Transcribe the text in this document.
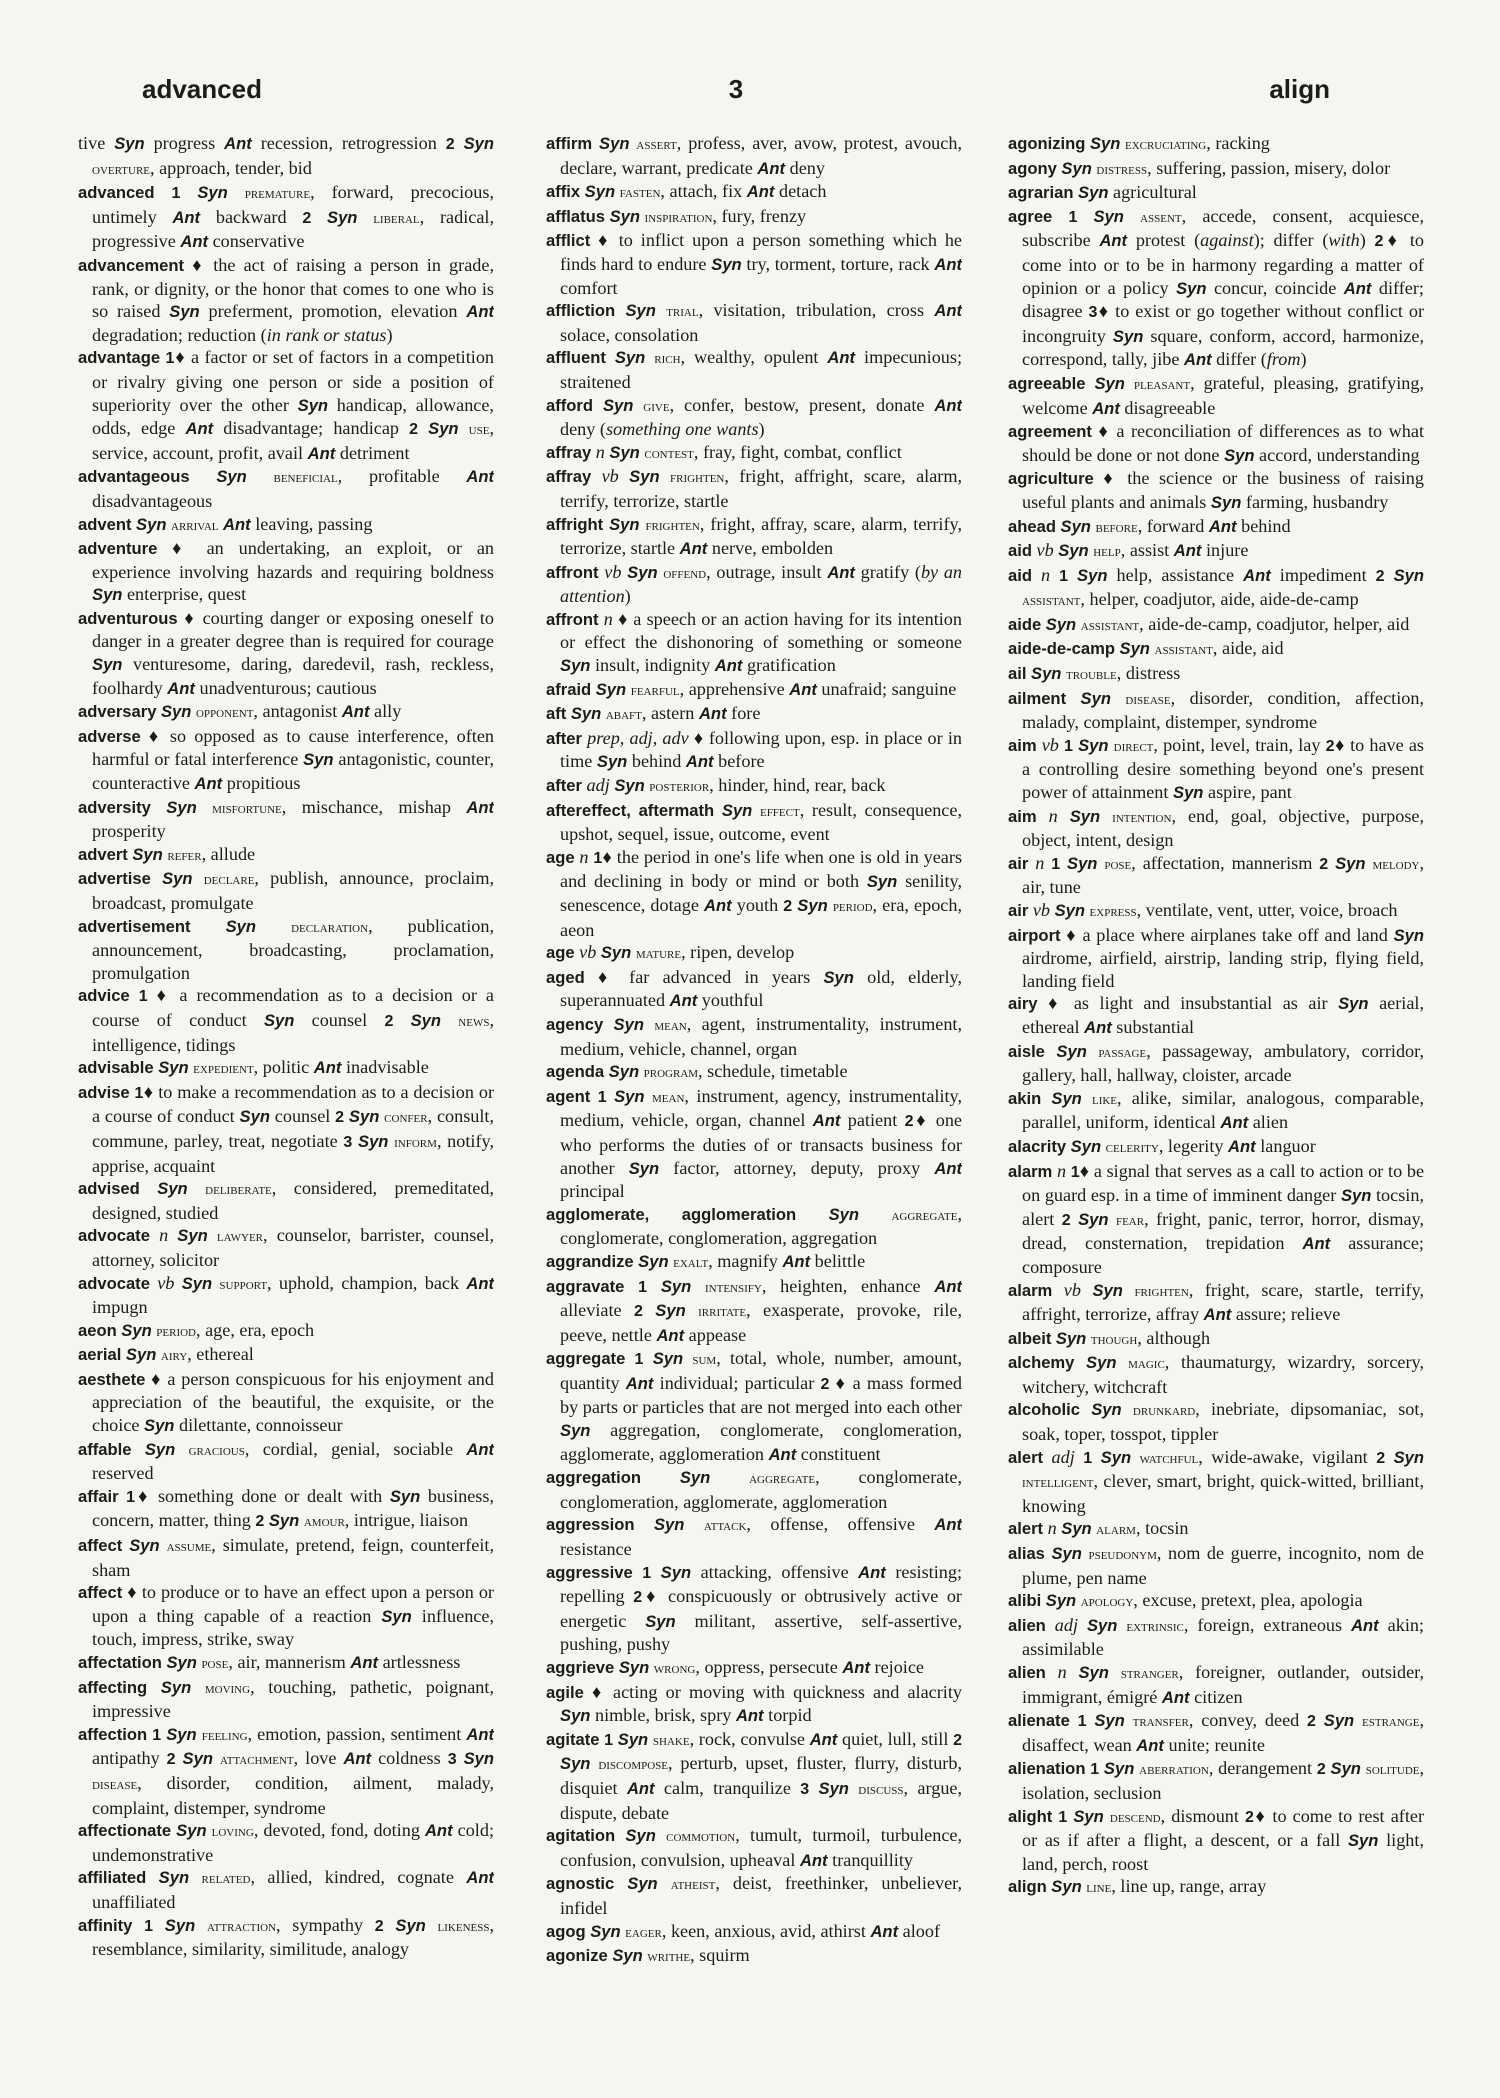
advanced	3	align

tive Syn progress Ant recession, retrogression 2 Syn overture, approach, tender, bid

advanced 1 Syn premature, forward, precocious, untimely Ant backward 2 Syn liberal, radical, progressive Ant conservative

advancement ♦ the act of raising a person in grade, rank, or dignity, or the honor that comes to one who is so raised Syn preferment, promotion, elevation Ant degradation; reduction (in rank or status)

advantage 1♦ a factor or set of factors in a competition or rivalry giving one person or side a position of superiority over the other Syn handicap, allowance, odds, edge Ant disadvantage; handicap 2 Syn use, service, account, profit, avail Ant detriment

advantageous Syn beneficial, profitable Ant disadvantageous

advent Syn arrival Ant leaving, passing

adventure ♦ an undertaking, an exploit, or an experience involving hazards and requiring boldness Syn enterprise, quest

adventurous ♦ courting danger or exposing oneself to danger in a greater degree than is required for courage Syn venturesome, daring, daredevil, rash, reckless, foolhardy Ant unadventurous; cautious

adversary Syn opponent, antagonist Ant ally

adverse ♦ so opposed as to cause interference, often harmful or fatal interference Syn antagonistic, counter, counteractive Ant propitious

adversity Syn misfortune, mischance, mishap Ant prosperity

advert Syn refer, allude

advertise Syn declare, publish, announce, proclaim, broadcast, promulgate

advertisement Syn declaration, publication, announcement, broadcasting, proclamation, promulgation

advice 1 ♦ a recommendation as to a decision or a course of conduct Syn counsel 2 Syn news, intelligence, tidings

advisable Syn expedient, politic Ant inadvisable

advise 1♦ to make a recommendation as to a decision or a course of conduct Syn counsel 2 Syn confer, consult, commune, parley, treat, negotiate 3 Syn inform, notify, apprise, acquaint

advised Syn deliberate, considered, premeditated, designed, studied

advocate n Syn lawyer, counselor, barrister, counsel, attorney, solicitor

advocate vb Syn support, uphold, champion, back Ant impugn

aeon Syn period, age, era, epoch

aerial Syn airy, ethereal

aesthete ♦ a person conspicuous for his enjoyment and appreciation of the beautiful, the exquisite, or the choice Syn dilettante, connoisseur

affable Syn gracious, cordial, genial, sociable Ant reserved

affair 1♦ something done or dealt with Syn business, concern, matter, thing 2 Syn amour, intrigue, liaison

affect Syn assume, simulate, pretend, feign, counterfeit, sham

affect ♦ to produce or to have an effect upon a person or upon a thing capable of a reaction Syn influence, touch, impress, strike, sway

affectation Syn pose, air, mannerism Ant artlessness

affecting Syn moving, touching, pathetic, poignant, impressive

affection 1 Syn feeling, emotion, passion, sentiment Ant antipathy 2 Syn attachment, love Ant coldness 3 Syn disease, disorder, condition, ailment, malady, complaint, distemper, syndrome

affectionate Syn loving, devoted, fond, doting Ant cold; undemonstrative

affiliated Syn related, allied, kindred, cognate Ant unaffiliated

affinity 1 Syn attraction, sympathy 2 Syn likeness, resemblance, similarity, similitude, analogy

affirm Syn assert, profess, aver, avow, protest, avouch, declare, warrant, predicate Ant deny

affix Syn fasten, attach, fix Ant detach

afflatus Syn inspiration, fury, frenzy

afflict ♦ to inflict upon a person something which he finds hard to endure Syn try, torment, torture, rack Ant comfort

affliction Syn trial, visitation, tribulation, cross Ant solace, consolation

affluent Syn rich, wealthy, opulent Ant impecunious; straitened

afford Syn give, confer, bestow, present, donate Ant deny (something one wants)

affray n Syn contest, fray, fight, combat, conflict

affray vb Syn frighten, fright, affright, scare, alarm, terrify, terrorize, startle

affright Syn frighten, fright, affray, scare, alarm, terrify, terrorize, startle Ant nerve, embolden

affront vb Syn offend, outrage, insult Ant gratify (by an attention)

affront n ♦ a speech or an action having for its intention or effect the dishonoring of something or someone Syn insult, indignity Ant gratification

afraid Syn fearful, apprehensive Ant unafraid; sanguine

aft Syn abaft, astern Ant fore

after prep, adj, adv ♦ following upon, esp. in place or in time Syn behind Ant before

after adj Syn posterior, hinder, hind, rear, back

aftereffect, aftermath Syn effect, result, consequence, upshot, sequel, issue, outcome, event

age n 1♦ the period in one's life when one is old in years and declining in body or mind or both Syn senility, senescence, dotage Ant youth 2 Syn period, era, epoch, aeon

age vb Syn mature, ripen, develop

aged ♦ far advanced in years Syn old, elderly, superannuated Ant youthful

agency Syn mean, agent, instrumentality, instrument, medium, vehicle, channel, organ

agenda Syn program, schedule, timetable

agent 1 Syn mean, instrument, agency, instrumentality, medium, vehicle, organ, channel Ant patient 2♦ one who performs the duties of or transacts business for another Syn factor, attorney, deputy, proxy Ant principal

agglomerate, agglomeration Syn aggregate, conglomerate, conglomeration, aggregation

aggrandize Syn exalt, magnify Ant belittle

aggravate 1 Syn intensify, heighten, enhance Ant alleviate 2 Syn irritate, exasperate, provoke, rile, peeve, nettle Ant appease

aggregate 1 Syn sum, total, whole, number, amount, quantity Ant individual; particular 2 ♦ a mass formed by parts or particles that are not merged into each other Syn aggregation, conglomerate, conglomeration, agglomerate, agglomeration Ant constituent

aggregation Syn	aggregate, conglomerate, conglomeration, agglomerate, agglomeration

aggression Syn attack, offense, offensive Ant resistance

aggressive 1 Syn attacking, offensive Ant resisting; repelling 2♦ conspicuously or obtrusively active or energetic Syn militant, assertive, self-assertive, pushing, pushy

aggrieve Syn wrong, oppress, persecute Ant rejoice

agile ♦ acting or moving with quickness and alacrity Syn nimble, brisk, spry Ant torpid

agitate 1 Syn shake, rock, convulse Ant quiet, lull, still 2 Syn discompose, perturb, upset, fluster, flurry, disturb, disquiet Ant calm, tranquilize 3 Syn discuss, argue, dispute, debate

agitation Syn commotion, tumult, turmoil, turbulence, confusion, convulsion, upheaval Ant tranquillity

agnostic Syn atheist, deist, freethinker, unbeliever, infidel

agog Syn eager, keen, anxious, avid, athirst Ant aloof

agonize Syn writhe, squirm

agonizing Syn excruciating, racking

agony Syn distress, suffering, passion, misery, dolor

agrarian Syn agricultural

agree 1 Syn assent, accede, consent, acquiesce, subscribe Ant protest (against); differ (with) 2♦ to come into or to be in harmony regarding a matter of opinion or a policy Syn concur, coincide Ant differ; disagree 3♦ to exist or go together without conflict or incongruity Syn square, conform, accord, harmonize, correspond, tally, jibe Ant differ (from)

agreeable Syn pleasant, grateful, pleasing, gratifying, welcome Ant disagreeable

agreement ♦ a reconciliation of differences as to what should be done or not done Syn accord, understanding

agriculture ♦ the science or the business of raising useful plants and animals Syn farming, husbandry

ahead Syn before, forward Ant behind

aid vb Syn help, assist Ant injure

aid n 1 Syn help, assistance Ant impediment 2 Syn assistant, helper, coadjutor, aide, aide-de-camp

aide Syn assistant, aide-de-camp, coadjutor, helper, aid

aide-de-camp Syn assistant, aide, aid

ail Syn trouble, distress

ailment Syn disease, disorder, condition, affection, malady, complaint, distemper, syndrome

aim vb 1 Syn direct, point, level, train, lay 2♦ to have as a controlling desire something beyond one's present power of attainment Syn aspire, pant

aim n Syn intention, end, goal, objective, purpose, object, intent, design

air n 1 Syn pose, affectation, mannerism 2 Syn melody, air, tune

air vb Syn express, ventilate, vent, utter, voice, broach

airport ♦ a place where airplanes take off and land Syn airdrome, airfield, airstrip, landing strip, flying field, landing field

airy ♦ as light and insubstantial as air Syn aerial, ethereal Ant substantial

aisle Syn passage, passageway, ambulatory, corridor, gallery, hall, hallway, cloister, arcade

akin Syn like, alike, similar, analogous, comparable, parallel, uniform, identical Ant alien

alacrity Syn celerity, legerity Ant languor

alarm n 1♦ a signal that serves as a call to action or to be on guard esp. in a time of imminent danger Syn tocsin, alert 2 Syn fear, fright, panic, terror, horror, dismay, dread, consternation, trepidation Ant assurance; composure

alarm vb Syn frighten, fright, scare, startle, terrify, affright, terrorize, affray Ant assure; relieve

albeit Syn though, although

alchemy Syn magic, thaumaturgy, wizardry, sorcery, witchery, witchcraft

alcoholic Syn drunkard, inebriate, dipsomaniac, sot, soak, toper, tosspot, tippler

alert adj 1 Syn watchful, wide-awake, vigilant 2 Syn intelligent, clever, smart, bright, quick-witted, brilliant, knowing

alert n Syn alarm, tocsin

alias Syn pseudonym, nom de guerre, incognito, nom de plume, pen name

alibi Syn apology, excuse, pretext, plea, apologia

alien adj Syn extrinsic, foreign, extraneous Ant akin; assimilable

alien n Syn stranger, foreigner, outlander, outsider, immigrant, émigré Ant citizen

alienate 1 Syn transfer, convey, deed 2 Syn estrange, disaffect, wean Ant unite; reunite

alienation 1 Syn aberration, derangement 2 Syn solitude, isolation, seclusion

alight 1 Syn descend, dismount 2♦ to come to rest after or as if after a flight, a descent, or a fall Syn light, land, perch, roost

align Syn line, line up, range, array
